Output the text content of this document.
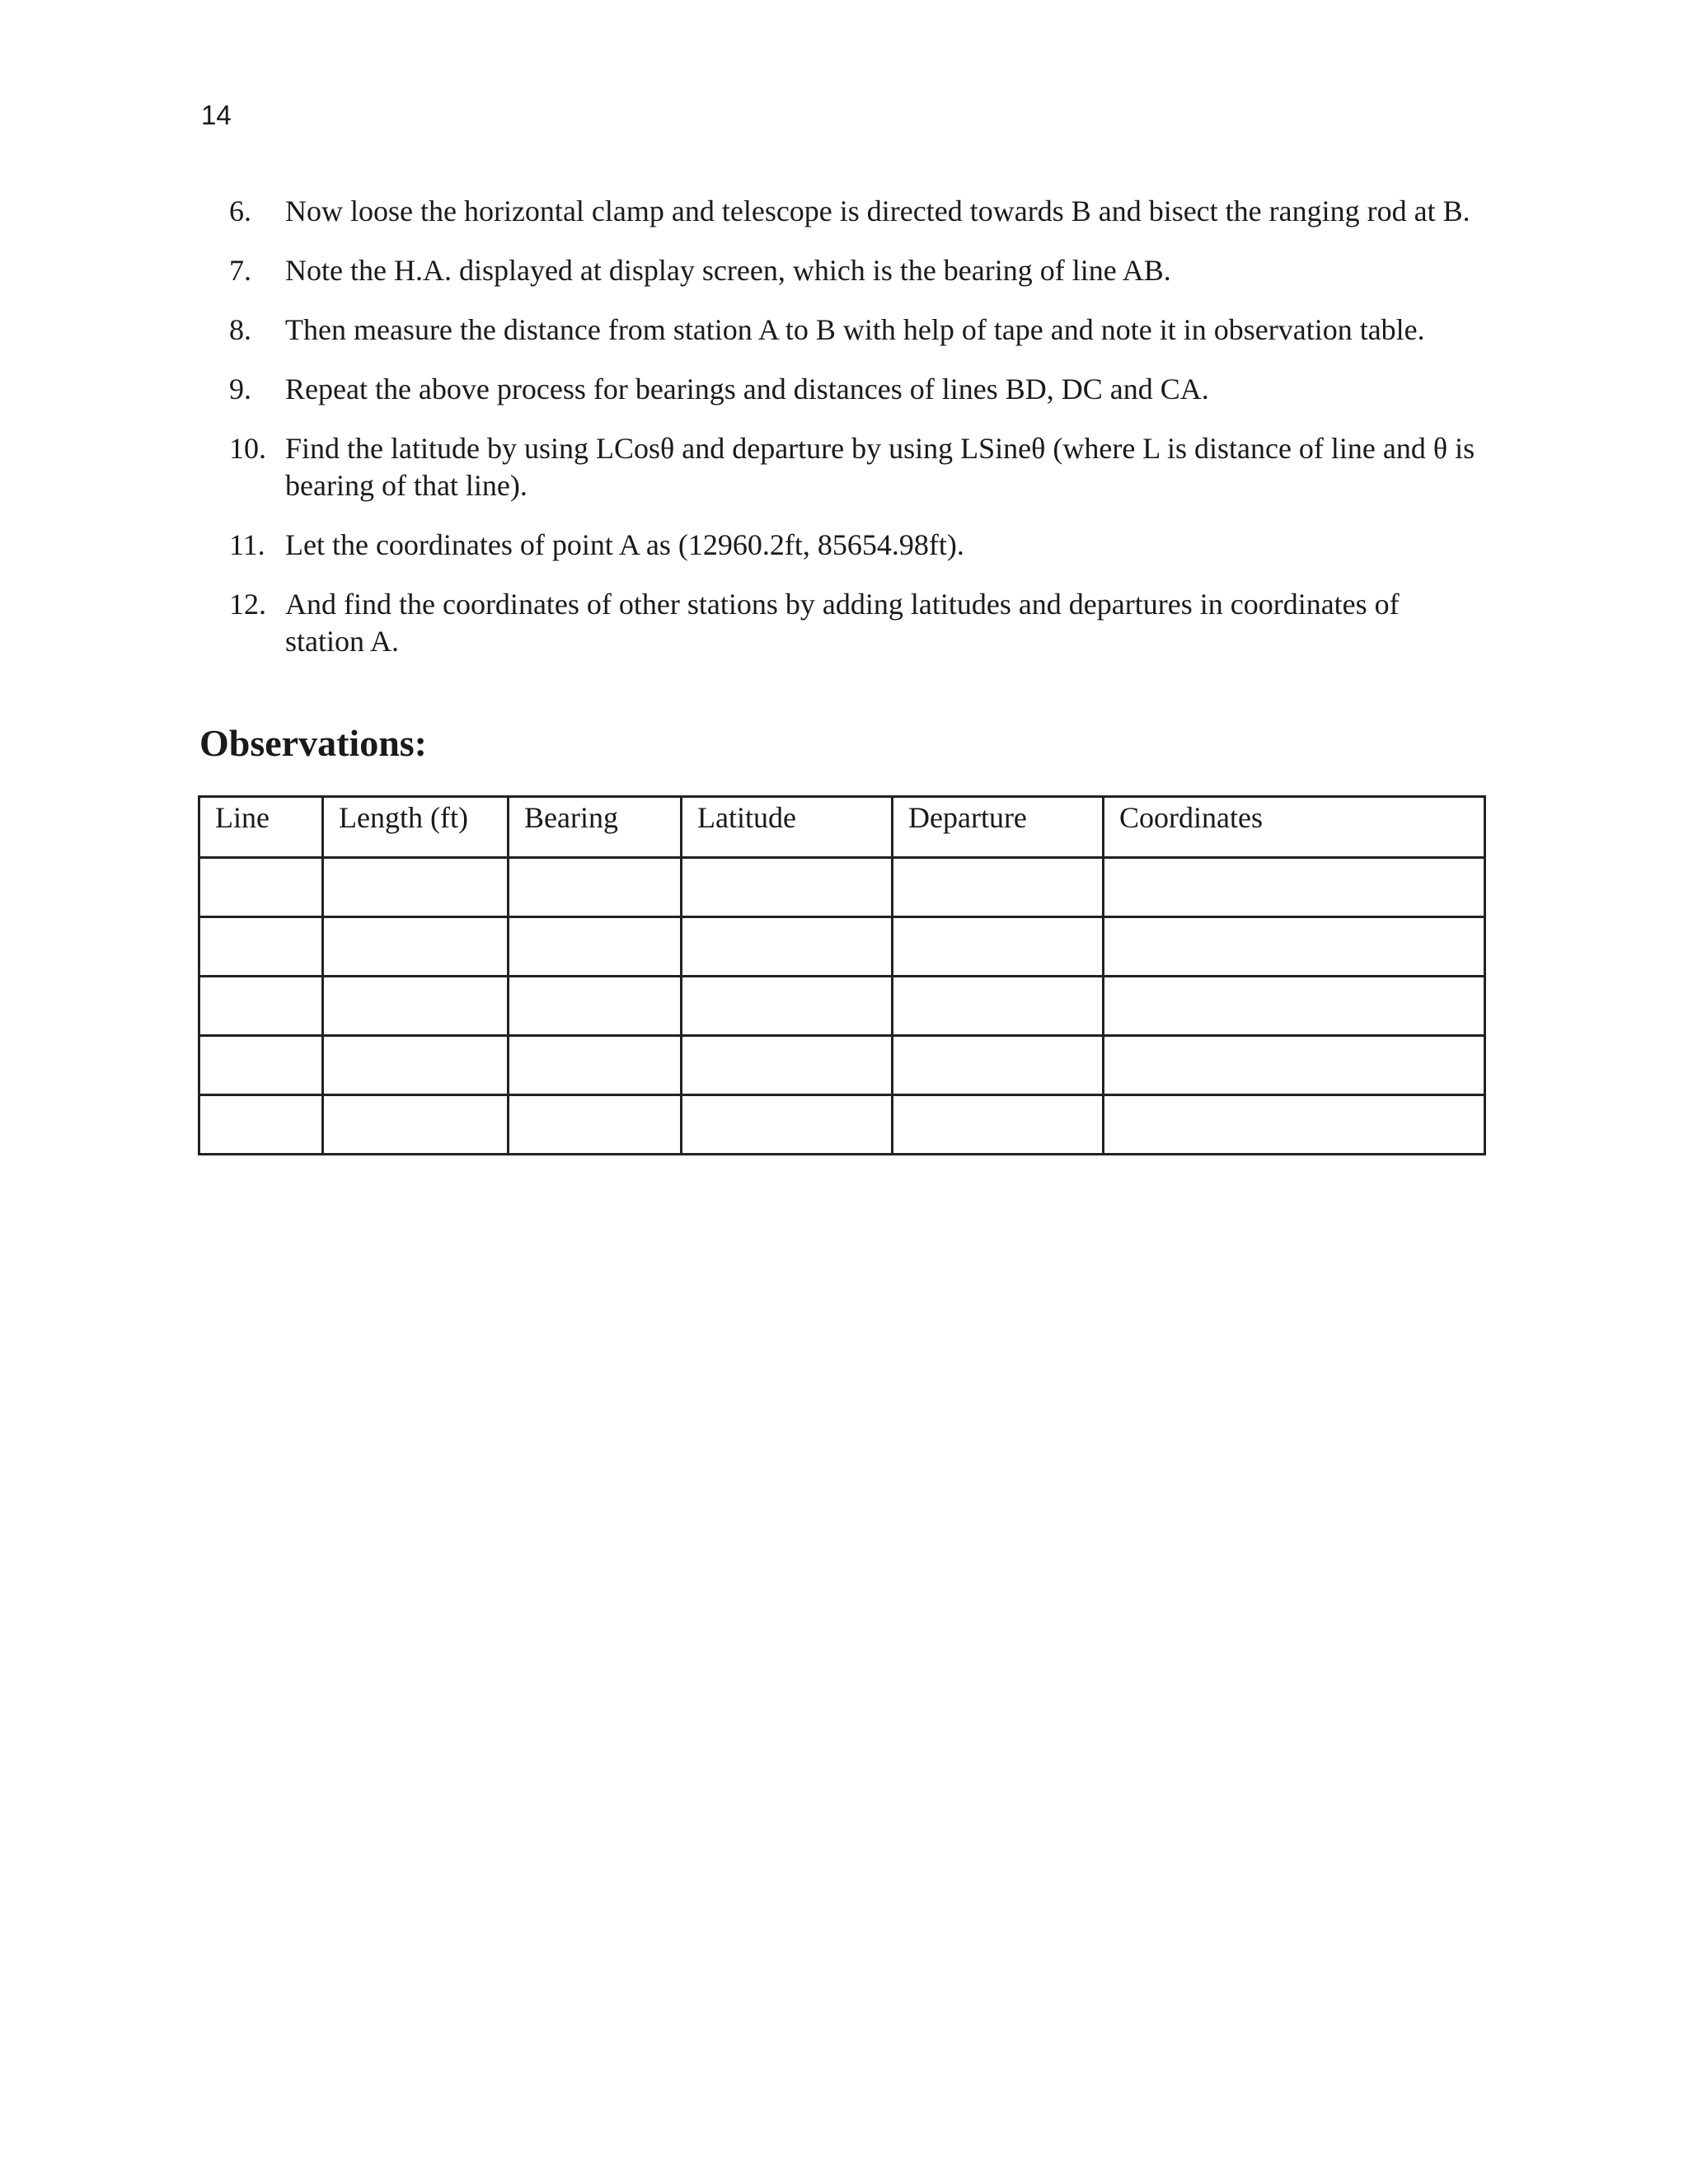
14
6.	Now loose the horizontal clamp and telescope is directed towards B and bisect the ranging rod at B.
7.	Note the H.A. displayed at display screen, which is the bearing of line AB.
8.	Then measure the distance from station A to B with help of tape and note it in observation table.
9.	Repeat the above process for bearings and distances of lines BD, DC and CA.
10. Find the latitude by using LCosθ and departure by using LSineθ (where L is distance of line and θ is bearing of that line).
11. Let the coordinates of point A as (12960.2ft, 85654.98ft).
12. And find the coordinates of other stations by adding latitudes and departures in coordinates of station A.
Observations:
Line	Length (ft)	Bearing	Latitude	Departure	Coordinates
